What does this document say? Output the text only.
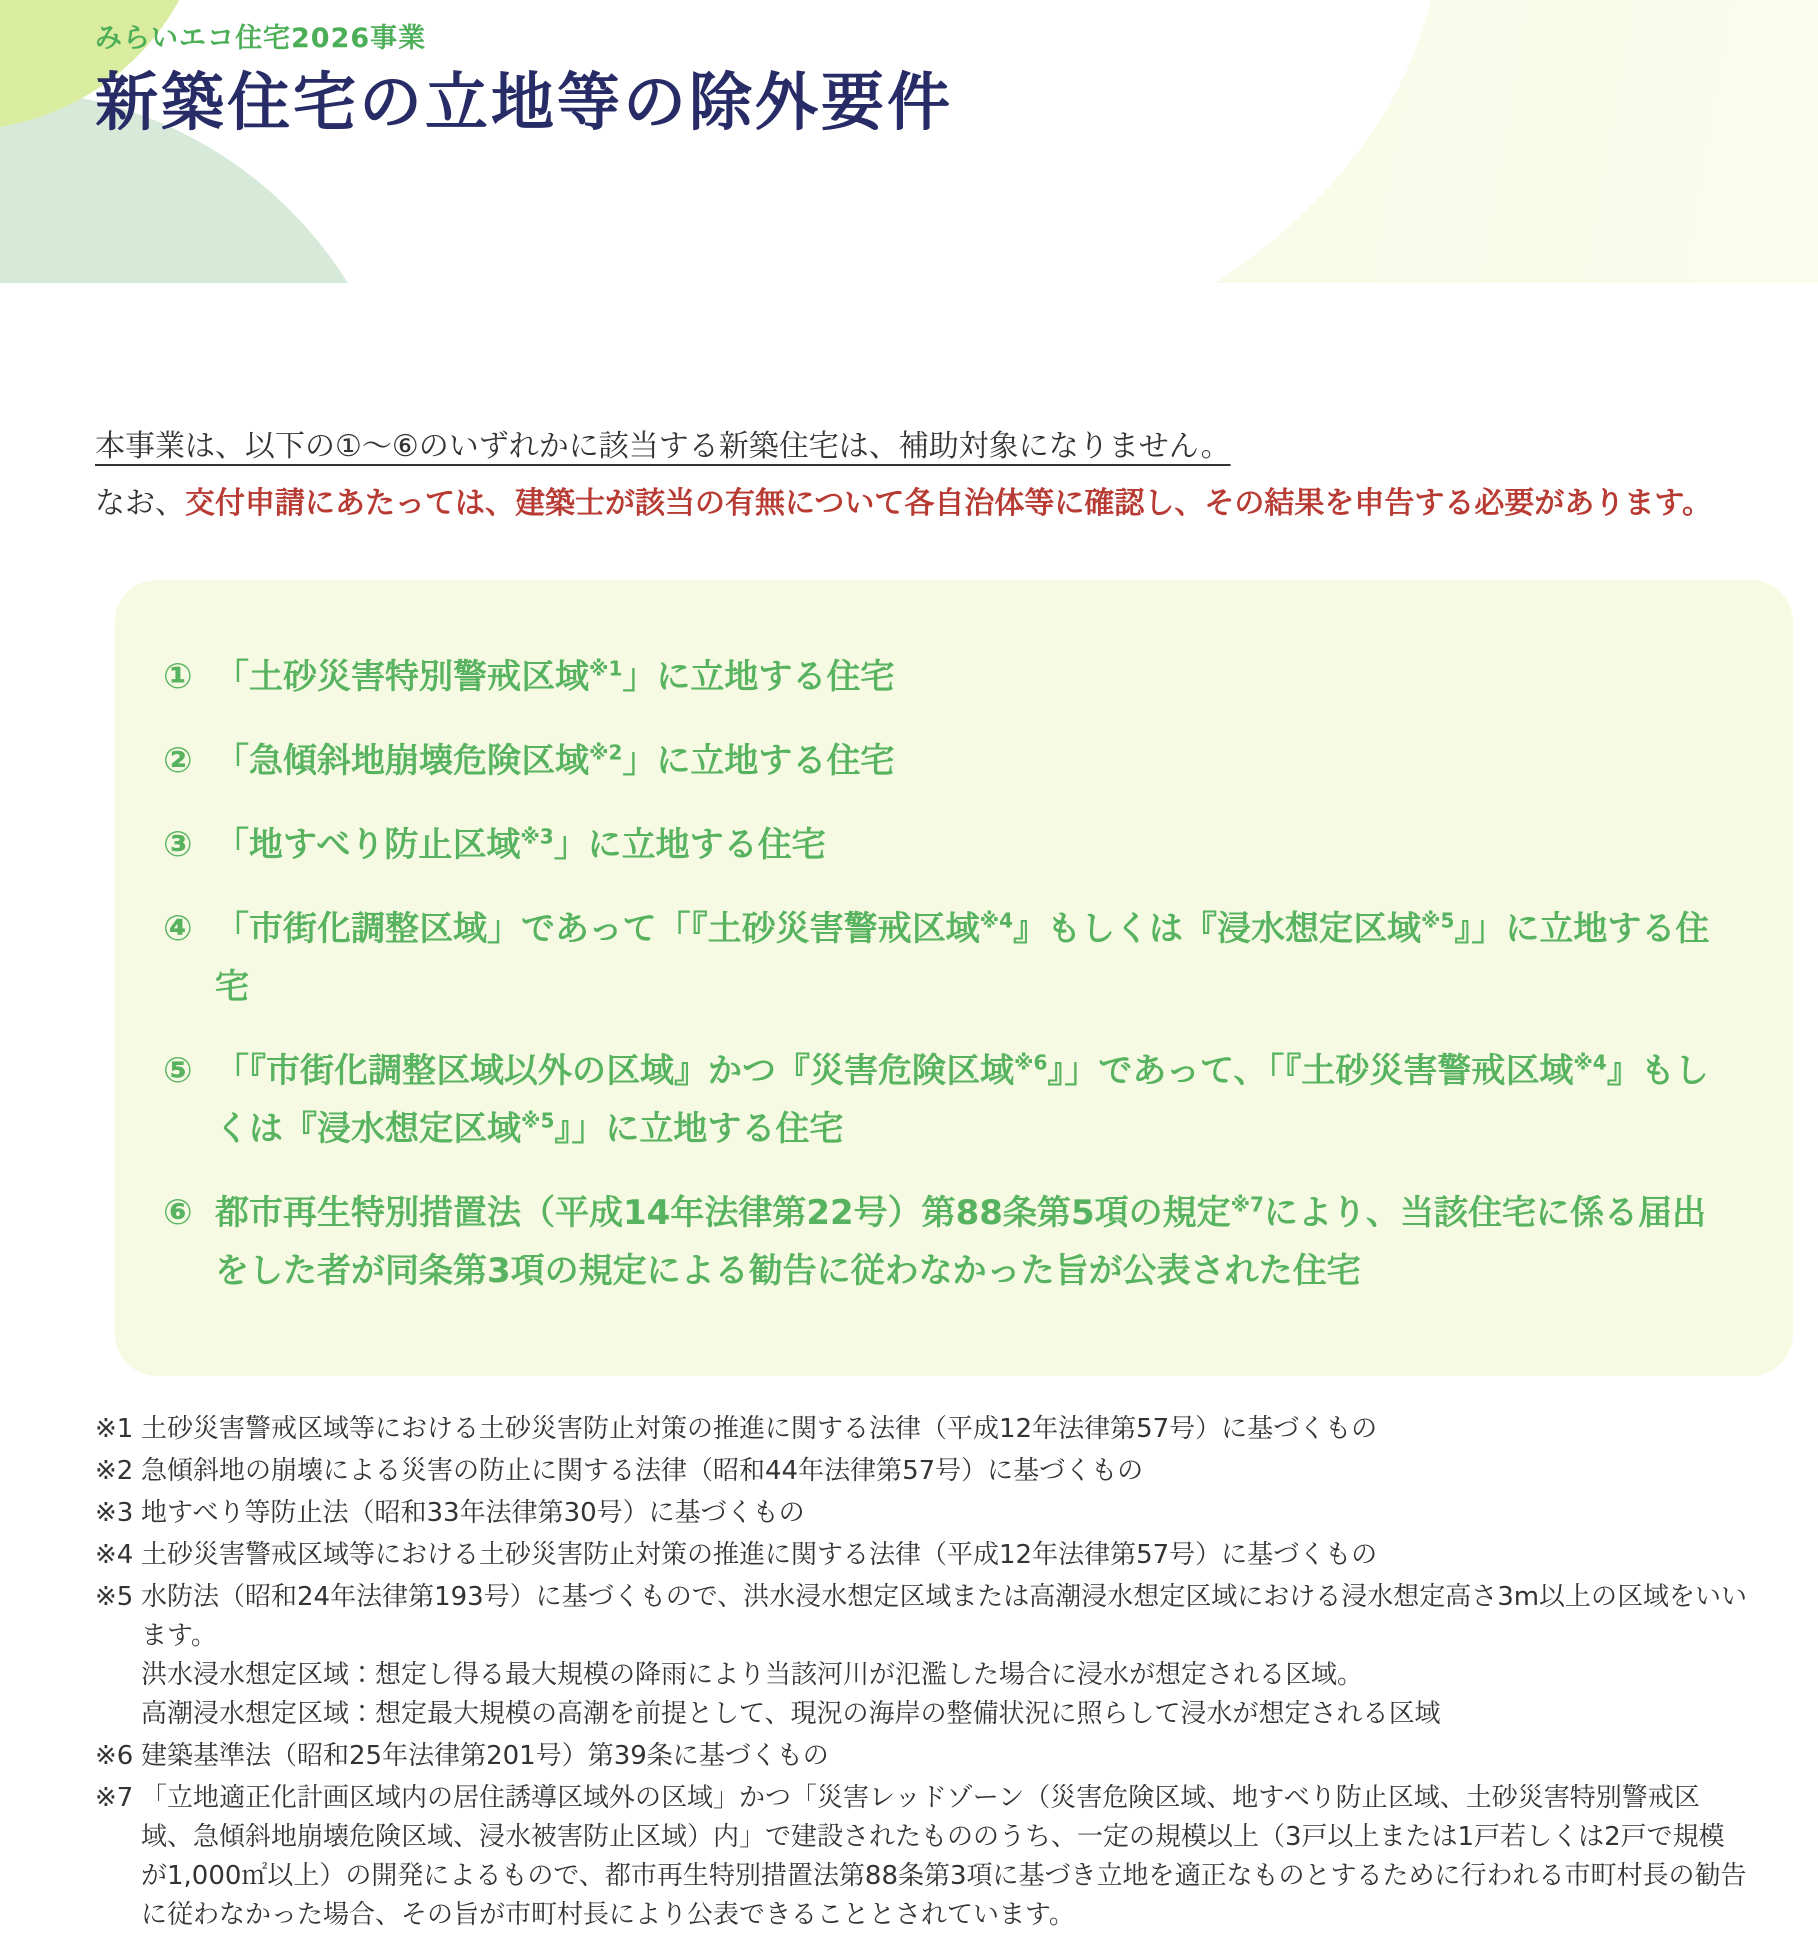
みらいエコ住宅2026事業
新築住宅の立地等の除外要件

本事業は、以下の①～⑥のいずれかに該当する新築住宅は、補助対象になりません。

なお、交付申請にあたっては、建築士が該当の有無について各自治体等に確認し、その結果を申告する必要があります。

① 「土砂災害特別警戒区域$^{※1}$」に立地する住宅
② 「急傾斜地崩壊危険区域$^{※2}$」に立地する住宅
③ 「地すべり防止区域$^{※3}$」に立地する住宅
④ 「市街化調整区域」であって「『土砂災害警戒区域$^{※4}$』もしくは『浸水想定区域$^{※5}$』」に立地する住宅
⑤ 「『市街化調整区域以外の区域』かつ『災害危険区域$^{※6}$』」であって、「『土砂災害警戒区域$^{※4}$』もしくは『浸水想定区域$^{※5}$』」に立地する住宅
⑥ 都市再生特別措置法（平成14年法律第22号）第88条第5項の規定$^{※7}$により、当該住宅に係る届出をした者が同条第3項の規定による勧告に従わなかった旨が公表された住宅
※1 土砂災害警戒区域等における土砂災害防止対策の推進に関する法律（平成12年法律第57号）に基づくもの
※2 急傾斜地の崩壊による災害の防止に関する法律（昭和44年法律第57号）に基づくもの
※3 地すべり等防止法（昭和33年法律第30号）に基づくもの
※4 土砂災害警戒区域等における土砂災害防止対策の推進に関する法律（平成12年法律第57号）に基づくもの
※5 水防法（昭和24年法律第193号）に基づくもので、洪水浸水想定区域または高潮浸水想定区域における浸水想定高さ3m以上の区域をいいます。
洪水浸水想定区域：想定し得る最大規模の降雨により当該河川が氾濫した場合に浸水が想定される区域。
高潮浸水想定区域：想定最大規模の高潮を前提として、現況の海岸の整備状況に照らして浸水が想定される区域
※6 建築基準法（昭和25年法律第201号）第39条に基づくもの
※7 「立地適正化計画区域内の居住誘導区域外の区域」かつ「災害レッドゾーン（災害危険区域、地すべり防止区域、土砂災害特別警戒区域、急傾斜地崩壊危険区域、浸水被害防止区域）内」で建設されたもののうち、一定の規模以上（3戸以上または1戸若しくは2戸で規模が1,000㎡以上）の開発によるもので、都市再生特別措置法第88条第3項に基づき立地を適正なものとするために行われる市町村長の勧告に従わなかった場合、その旨が市町村長により公表できることとされています。
